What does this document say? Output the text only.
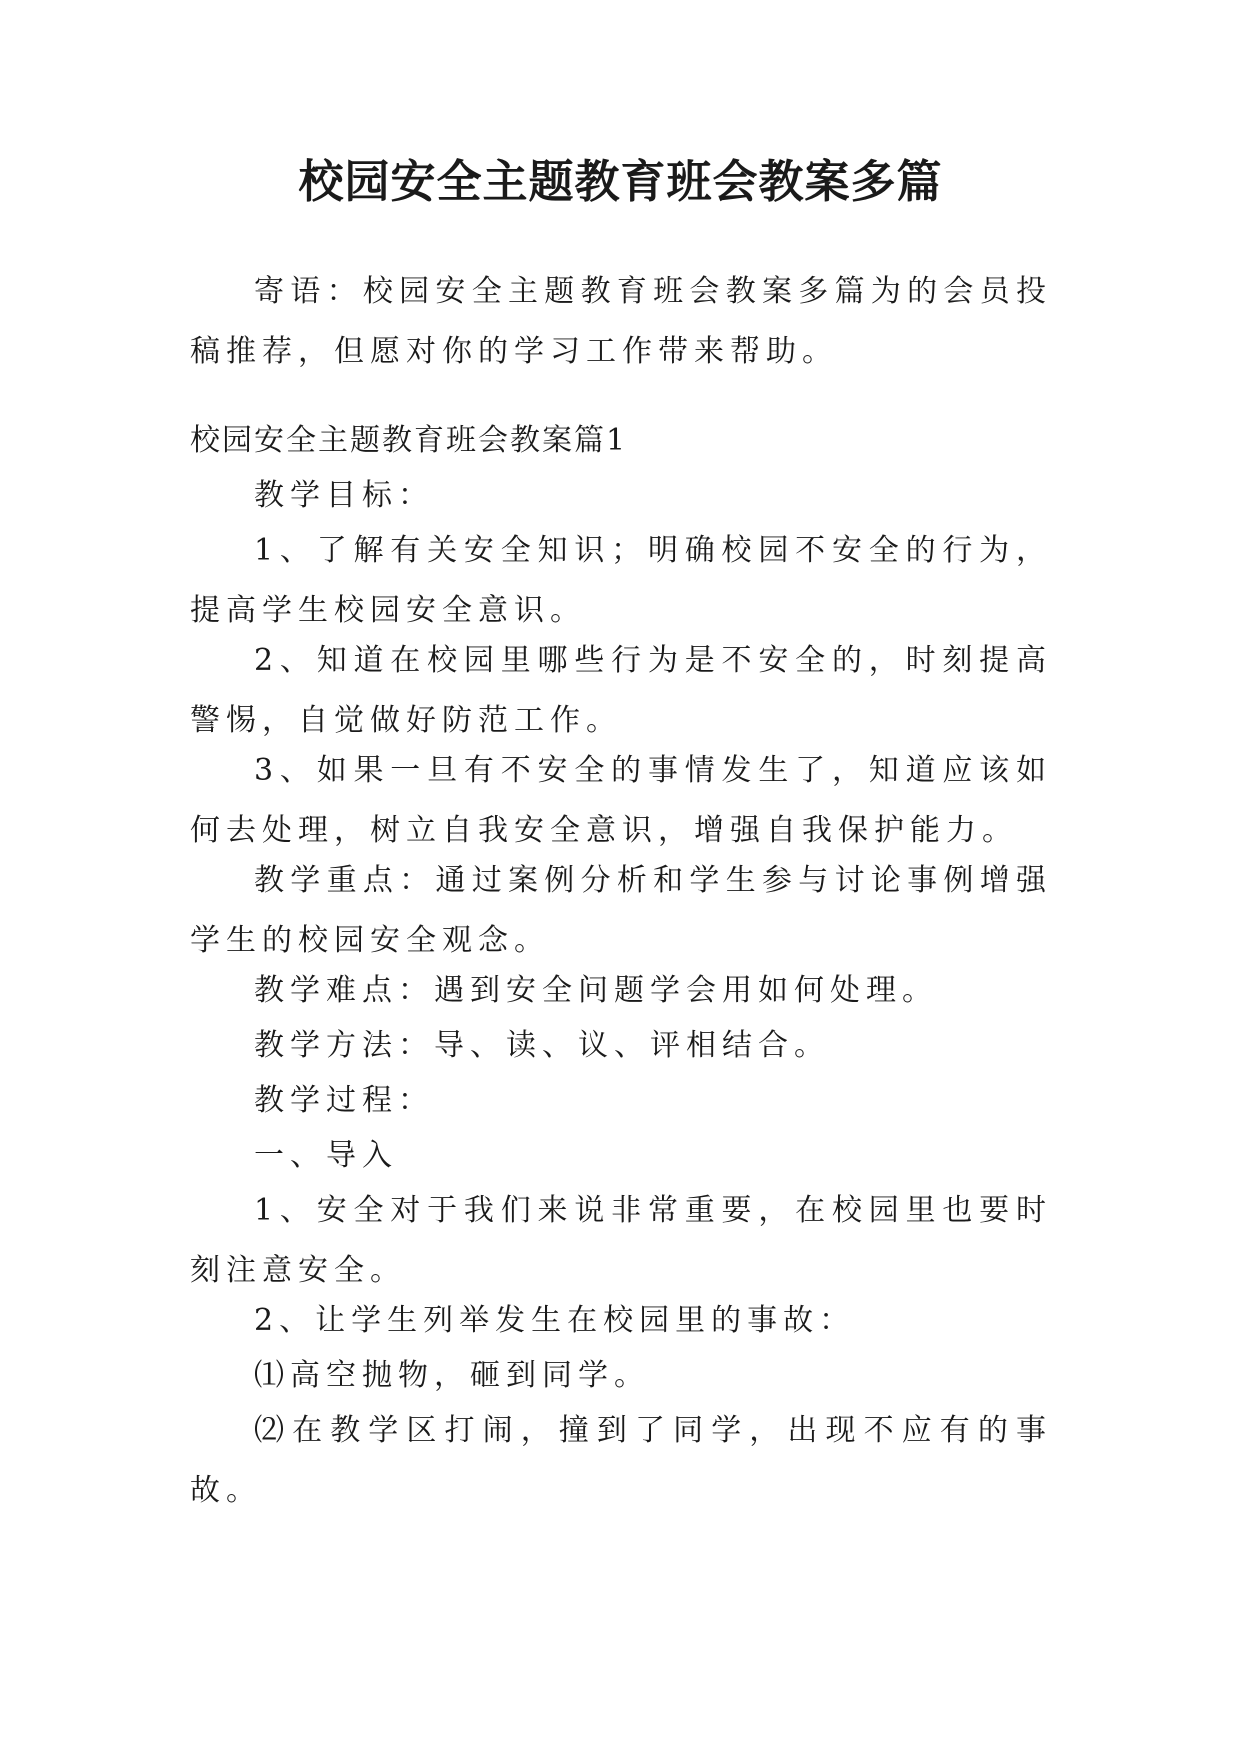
校园安全主题教育班会教案多篇

寄语：校园安全主题教育班会教案多篇为的会员投稿推荐，但愿对你的学习工作带来帮助。

校园安全主题教育班会教案篇1

教学目标：

1、了解有关安全知识；明确校园不安全的行为，提高学生校园安全意识。

2、知道在校园里哪些行为是不安全的，时刻提高警惕，自觉做好防范工作。

3、如果一旦有不安全的事情发生了，知道应该如何去处理，树立自我安全意识，增强自我保护能力。

教学重点：通过案例分析和学生参与讨论事例增强学生的校园安全观念。

教学难点：遇到安全问题学会用如何处理。

教学方法：导、读、议、评相结合。

教学过程：

一、导入

1、安全对于我们来说非常重要，在校园里也要时刻注意安全。

2、让学生列举发生在校园里的事故：

⑴高空抛物，砸到同学。

⑵在教学区打闹，撞到了同学，出现不应有的事故。
